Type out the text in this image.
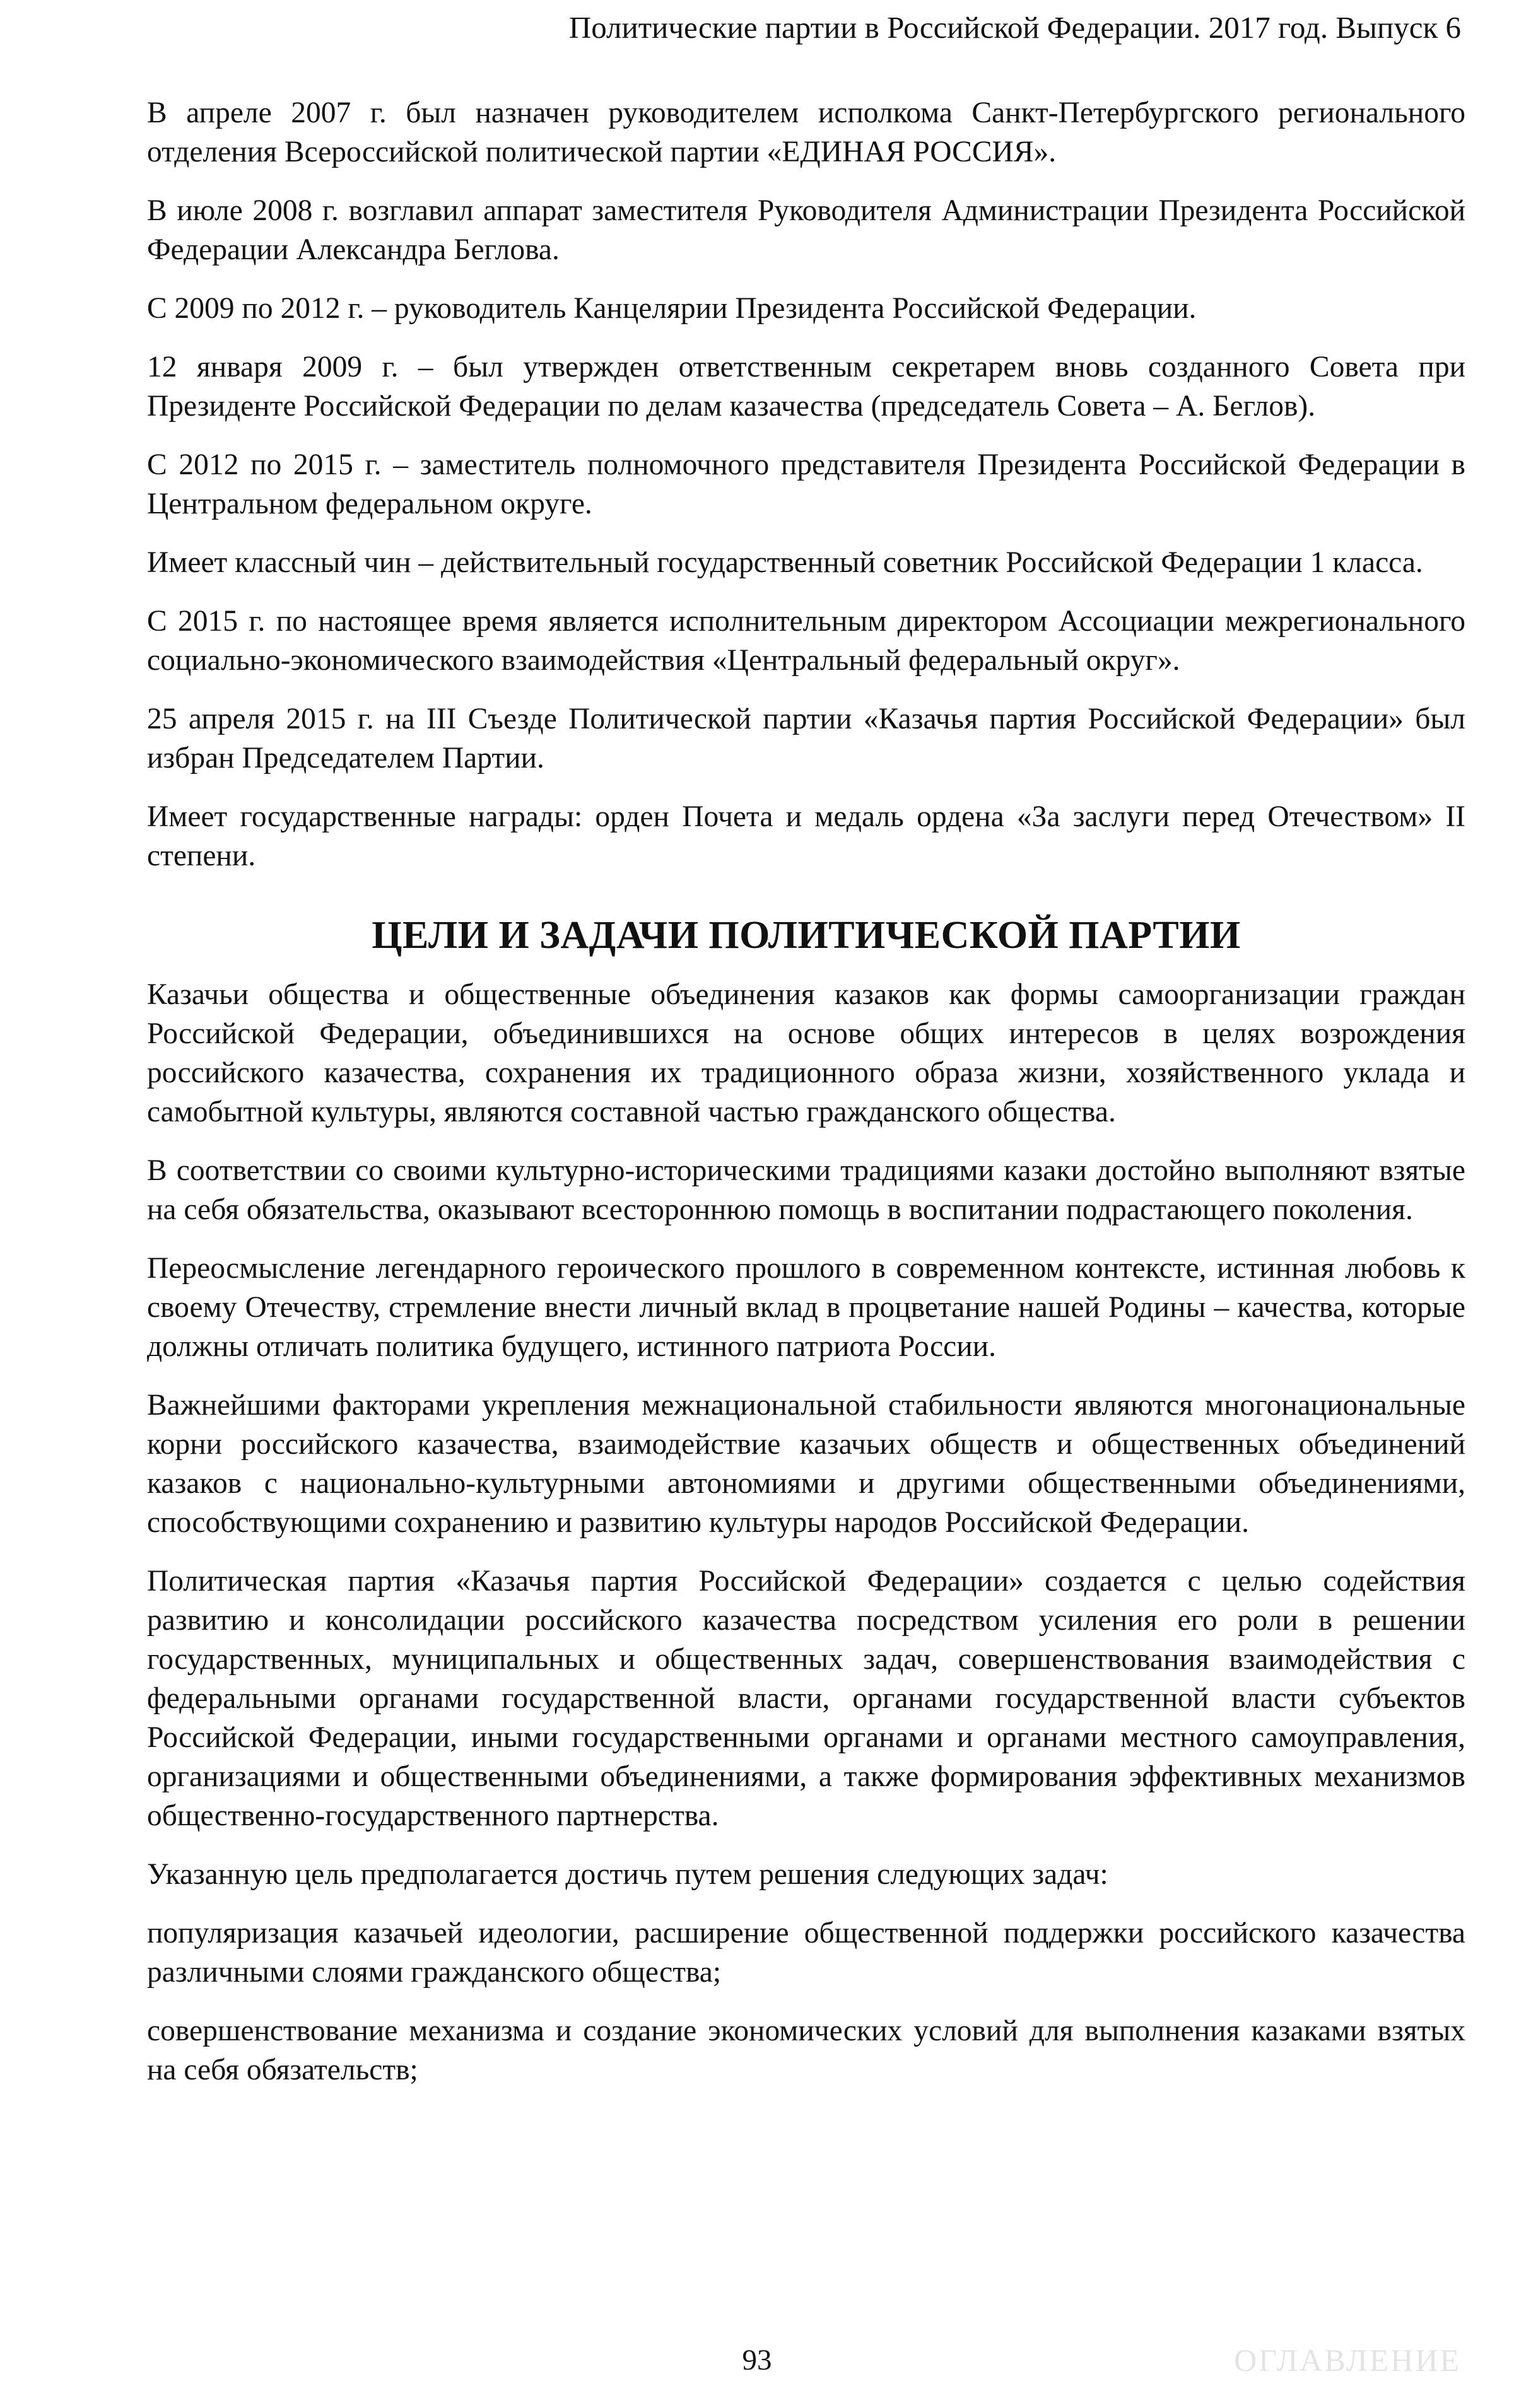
Политические партии в Российской Федерации. 2017 год. Выпуск 6

В апреле 2007 г. был назначен руководителем исполкома Санкт-Петербургского регионального отделения Всероссийской политической партии «ЕДИНАЯ РОССИЯ».

В июле 2008 г. возглавил аппарат заместителя Руководителя Администрации Президента Российской Федерации Александра Беглова.

С 2009 по 2012 г. – руководитель Канцелярии Президента Российской Федерации.

12 января 2009 г. – был утвержден ответственным секретарем вновь созданного Совета при Президенте Российской Федерации по делам казачества (председатель Совета – А. Беглов).

С 2012 по 2015 г. – заместитель полномочного представителя Президента Российской Федерации в Центральном федеральном округе.

Имеет классный чин – действительный государственный советник Российской Федерации 1 класса.

С 2015 г. по настоящее время является исполнительным директором Ассоциации межрегионального социально-экономического взаимодействия «Центральный федеральный округ».

25 апреля 2015 г. на III Съезде Политической партии «Казачья партия Российской Федерации» был избран Председателем Партии.

Имеет государственные награды: орден Почета и медаль ордена «За заслуги перед Отечеством» II степени.

ЦЕЛИ И ЗАДАЧИ ПОЛИТИЧЕСКОЙ ПАРТИИ

Казачьи общества и общественные объединения казаков как формы самоорганизации граждан Российской Федерации, объединившихся на основе общих интересов в целях возрождения российского казачества, сохранения их традиционного образа жизни, хозяйственного уклада и самобытной культуры, являются составной частью гражданского общества.

В соответствии со своими культурно-историческими традициями казаки достойно выполняют взятые на себя обязательства, оказывают всестороннюю помощь в воспитании подрастающего поколения.

Переосмысление легендарного героического прошлого в современном контексте, истинная любовь к своему Отечеству, стремление внести личный вклад в процветание нашей Родины – качества, которые должны отличать политика будущего, истинного патриота России.

Важнейшими факторами укрепления межнациональной стабильности являются многонациональные корни российского казачества, взаимодействие казачьих обществ и общественных объединений казаков с национально-культурными автономиями и другими общественными объединениями, способствующими сохранению и развитию культуры народов Российской Федерации.

Политическая партия «Казачья партия Российской Федерации» создается с целью содействия развитию и консолидации российского казачества посредством усиления его роли в решении государственных, муниципальных и общественных задач, совершенствования взаимодействия с федеральными органами государственной власти, органами государственной власти субъектов Российской Федерации, иными государственными органами и органами местного самоуправления, организациями и общественными объединениями, а также формирования эффективных механизмов общественно-государственного партнерства.

Указанную цель предполагается достичь путем решения следующих задач:

популяризация казачьей идеологии, расширение общественной поддержки российского казачества различными слоями гражданского общества;

совершенствование механизма и создание экономических условий для выполнения казаками взятых на себя обязательств;

93	ОГЛАВЛЕНИЕ
